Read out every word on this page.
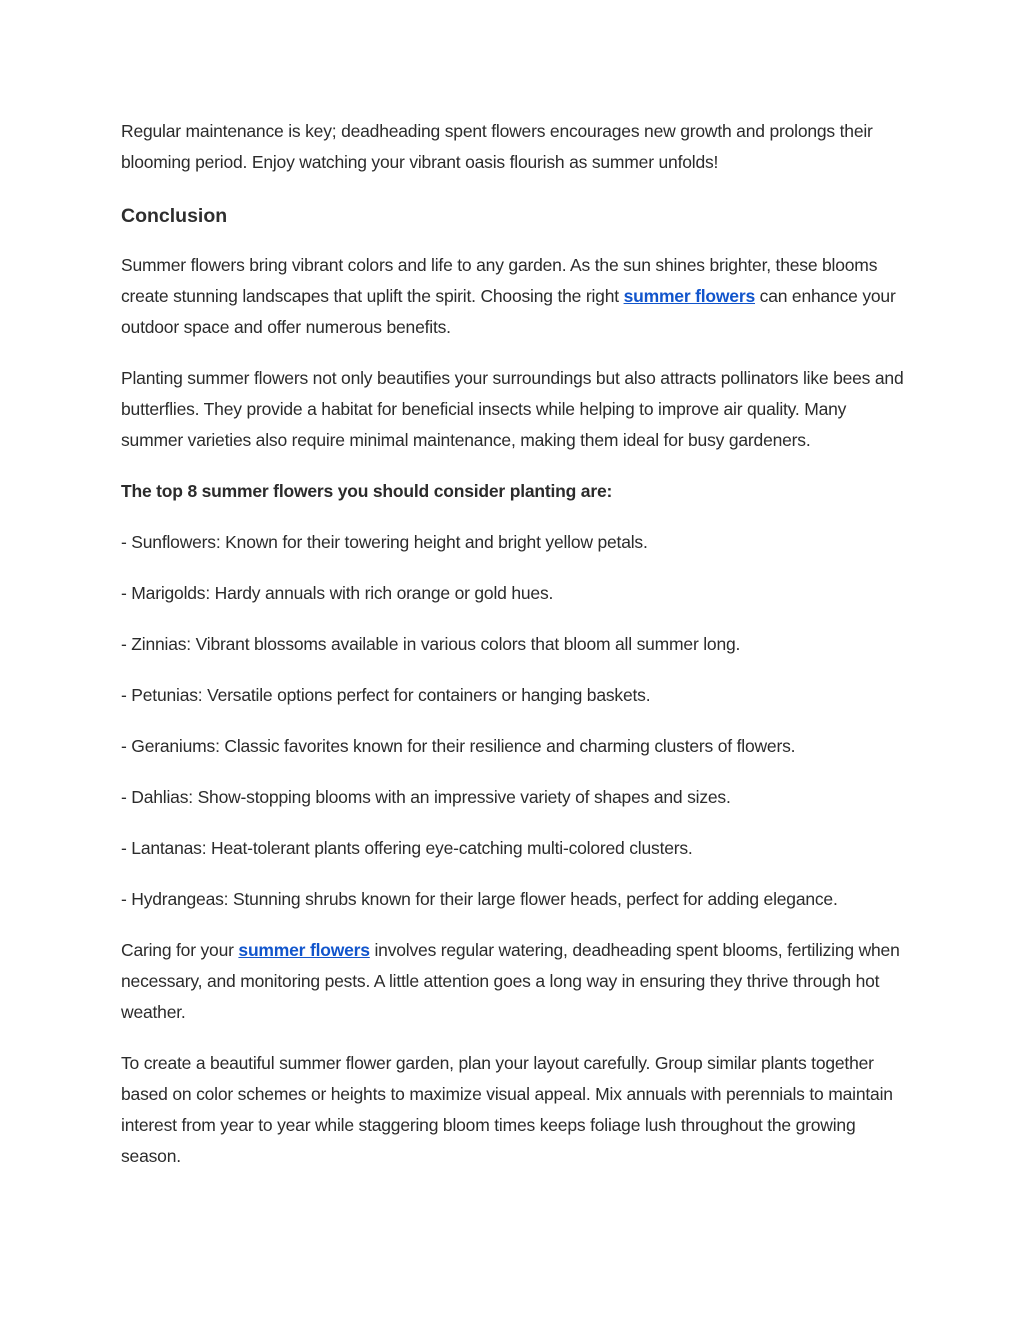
Regular maintenance is key; deadheading spent flowers encourages new growth and prolongs their blooming period. Enjoy watching your vibrant oasis flourish as summer unfolds!

Conclusion

Summer flowers bring vibrant colors and life to any garden. As the sun shines brighter, these blooms create stunning landscapes that uplift the spirit. Choosing the right summer flowers can enhance your outdoor space and offer numerous benefits.

Planting summer flowers not only beautifies your surroundings but also attracts pollinators like bees and butterflies. They provide a habitat for beneficial insects while helping to improve air quality. Many summer varieties also require minimal maintenance, making them ideal for busy gardeners.

The top 8 summer flowers you should consider planting are:

- Sunflowers: Known for their towering height and bright yellow petals.

- Marigolds: Hardy annuals with rich orange or gold hues.

- Zinnias: Vibrant blossoms available in various colors that bloom all summer long.

- Petunias: Versatile options perfect for containers or hanging baskets.

- Geraniums: Classic favorites known for their resilience and charming clusters of flowers.

- Dahlias: Show-stopping blooms with an impressive variety of shapes and sizes.

- Lantanas: Heat-tolerant plants offering eye-catching multi-colored clusters.

- Hydrangeas: Stunning shrubs known for their large flower heads, perfect for adding elegance.

Caring for your summer flowers involves regular watering, deadheading spent blooms, fertilizing when necessary, and monitoring pests. A little attention goes a long way in ensuring they thrive through hot weather.

To create a beautiful summer flower garden, plan your layout carefully. Group similar plants together based on color schemes or heights to maximize visual appeal. Mix annuals with perennials to maintain interest from year to year while staggering bloom times keeps foliage lush throughout the growing season.
